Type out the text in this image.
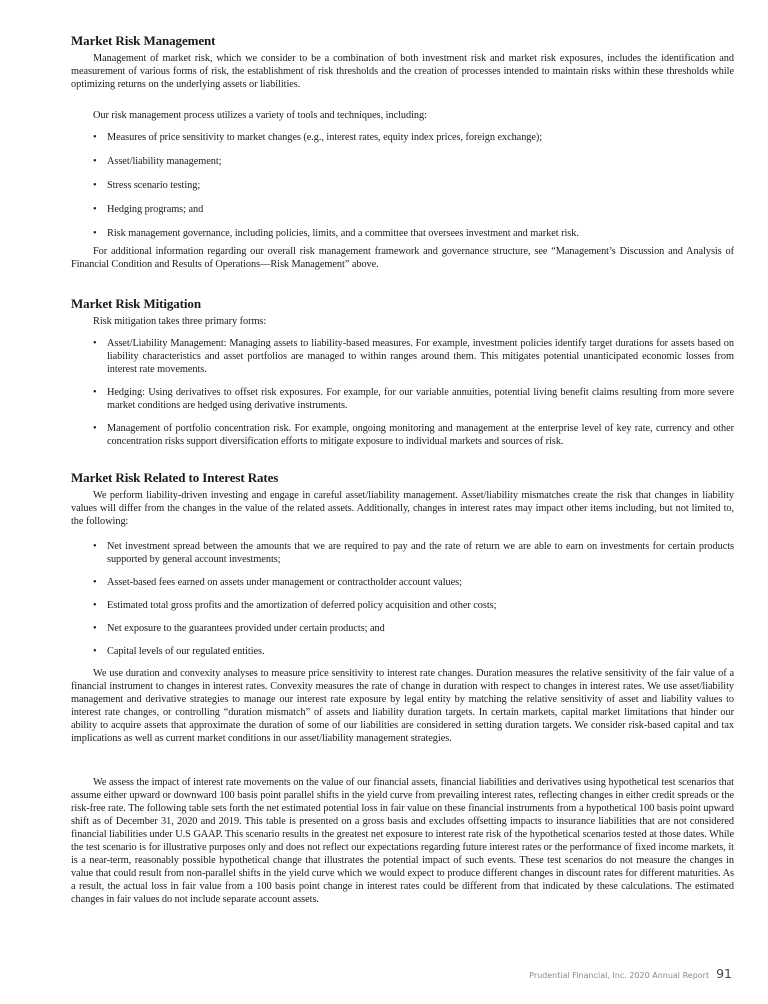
Market Risk Management

Management of market risk, which we consider to be a combination of both investment risk and market risk exposures, includes the identification and measurement of various forms of risk, the establishment of risk thresholds and the creation of processes intended to maintain risks within these thresholds while optimizing returns on the underlying assets or liabilities.

Our risk management process utilizes a variety of tools and techniques, including:

• Measures of price sensitivity to market changes (e.g., interest rates, equity index prices, foreign exchange);
• Asset/liability management;
• Stress scenario testing;
• Hedging programs; and
• Risk management governance, including policies, limits, and a committee that oversees investment and market risk.

For additional information regarding our overall risk management framework and governance structure, see “Management’s Discussion and Analysis of Financial Condition and Results of Operations—Risk Management” above.

Market Risk Mitigation

Risk mitigation takes three primary forms:

• Asset/Liability Management: Managing assets to liability-based measures. For example, investment policies identify target durations for assets based on liability characteristics and asset portfolios are managed to within ranges around them. This mitigates potential unanticipated economic losses from interest rate movements.
• Hedging: Using derivatives to offset risk exposures. For example, for our variable annuities, potential living benefit claims resulting from more severe market conditions are hedged using derivative instruments.
• Management of portfolio concentration risk. For example, ongoing monitoring and management at the enterprise level of key rate, currency and other concentration risks support diversification efforts to mitigate exposure to individual markets and sources of risk.
Market Risk Related to Interest Rates

We perform liability-driven investing and engage in careful asset/liability management. Asset/liability mismatches create the risk that changes in liability values will differ from the changes in the value of the related assets. Additionally, changes in interest rates may impact other items including, but not limited to, the following:

• Net investment spread between the amounts that we are required to pay and the rate of return we are able to earn on investments for certain products supported by general account investments;
• Asset-based fees earned on assets under management or contractholder account values;
• Estimated total gross profits and the amortization of deferred policy acquisition and other costs;
• Net exposure to the guarantees provided under certain products; and
• Capital levels of our regulated entities.

We use duration and convexity analyses to measure price sensitivity to interest rate changes. Duration measures the relative sensitivity of the fair value of a financial instrument to changes in interest rates. Convexity measures the rate of change in duration with respect to changes in interest rates. We use asset/liability management and derivative strategies to manage our interest rate exposure by legal entity by matching the relative sensitivity of asset and liability values to interest rate changes, or controlling “duration mismatch” of assets and liability duration targets. In certain markets, capital market limitations that hinder our ability to acquire assets that approximate the duration of some of our liabilities are considered in setting duration targets. We consider risk-based capital and tax implications as well as current market conditions in our asset/liability management strategies.

We assess the impact of interest rate movements on the value of our financial assets, financial liabilities and derivatives using hypothetical test scenarios that assume either upward or downward 100 basis point parallel shifts in the yield curve from prevailing interest rates, reflecting changes in either credit spreads or the risk-free rate. The following table sets forth the net estimated potential loss in fair value on these financial instruments from a hypothetical 100 basis point upward shift as of December 31, 2020 and 2019. This table is presented on a gross basis and excludes offsetting impacts to insurance liabilities that are not considered financial liabilities under U.S GAAP. This scenario results in the greatest net exposure to interest rate risk of the hypothetical scenarios tested at those dates. While the test scenario is for illustrative purposes only and does not reflect our expectations regarding future interest rates or the performance of fixed income markets, it is a near-term, reasonably possible hypothetical change that illustrates the potential impact of such events. These test scenarios do not measure the changes in value that could result from non-parallel shifts in the yield curve which we would expect to produce different changes in discount rates for different maturities. As a result, the actual loss in fair value from a 100 basis point change in interest rates could be different from that indicated by these calculations. The estimated changes in fair values do not include separate account assets.

Prudential Financial, Inc. 2020 Annual Report 91
